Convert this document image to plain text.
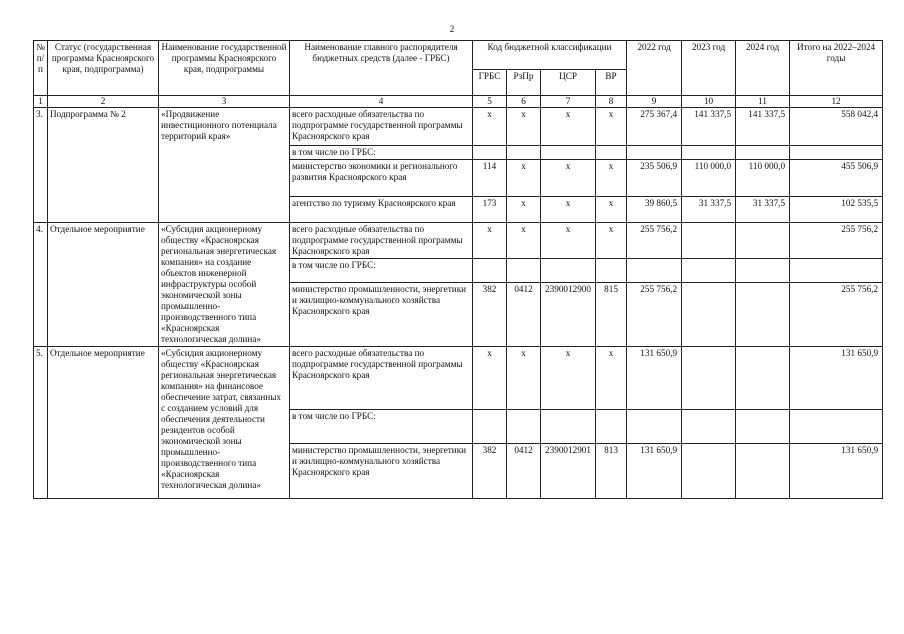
2
№ п/п	Статус (государственная программа Красноярского края, подпрограмма)	Наименование государственной программы Красноярского края, подпрограммы	Наименование главного распорядителя бюджетных средств (далее - ГРБС)	Код бюджетной классификации				2022 год	2023 год	2024 год	Итого на 2022–2024 годы
				ГРБС	РзПр	ЦСР	ВР				
1	2	3	4	5	6	7	8	9	10	11	12
3.	Подпрограмма № 2	«Продвижение инвестиционного потенциала территорий края»	всего расходные обязательства по подпрограмме государственной программы Красноярского края	х	х	х	х	275 367,4	141 337,5	141 337,5	558 042,4
			в том числе по ГРБС:								
			министерство экономики и регионального развития Красноярского края	114	х	х	х	235 506,9	110 000,0	110 000,0	455 506,9
			агентство по туризму Красноярского края	173	х	х	х	39 860,5	31 337,5	31 337,5	102 535,5
4.	Отдельное мероприятие	«Субсидия акционерному обществу «Красноярская региональная энергетическая компания» на создание объектов инженерной инфраструктуры особой экономической зоны промышленно-производственного типа «Красноярская технологическая долина»	всего расходные обязательства по подпрограмме государственной программы Красноярского края	х	х	х	х	255 756,2			255 756,2
			в том числе по ГРБС:								
			министерство промышленности, энергетики и жилищно-коммунального хозяйства Красноярского края	382	0412	2390012900	815	255 756,2			255 756,2
5.	Отдельное мероприятие	«Субсидия акционерному обществу «Красноярская региональная энергетическая компания» на финансовое обеспечение затрат, связанных с созданием условий для обеспечения деятельности резидентов особой экономической зоны промышленно-производственного типа «Красноярская технологическая долина»	всего расходные обязательства по подпрограмме государственной программы Красноярского края	х	х	х	х	131 650,9			131 650,9
			в том числе по ГРБС:								
			министерство промышленности, энергетики и жилищно-коммунального хозяйства Красноярского края	382	0412	2390012901	813	131 650,9			131 650,9
